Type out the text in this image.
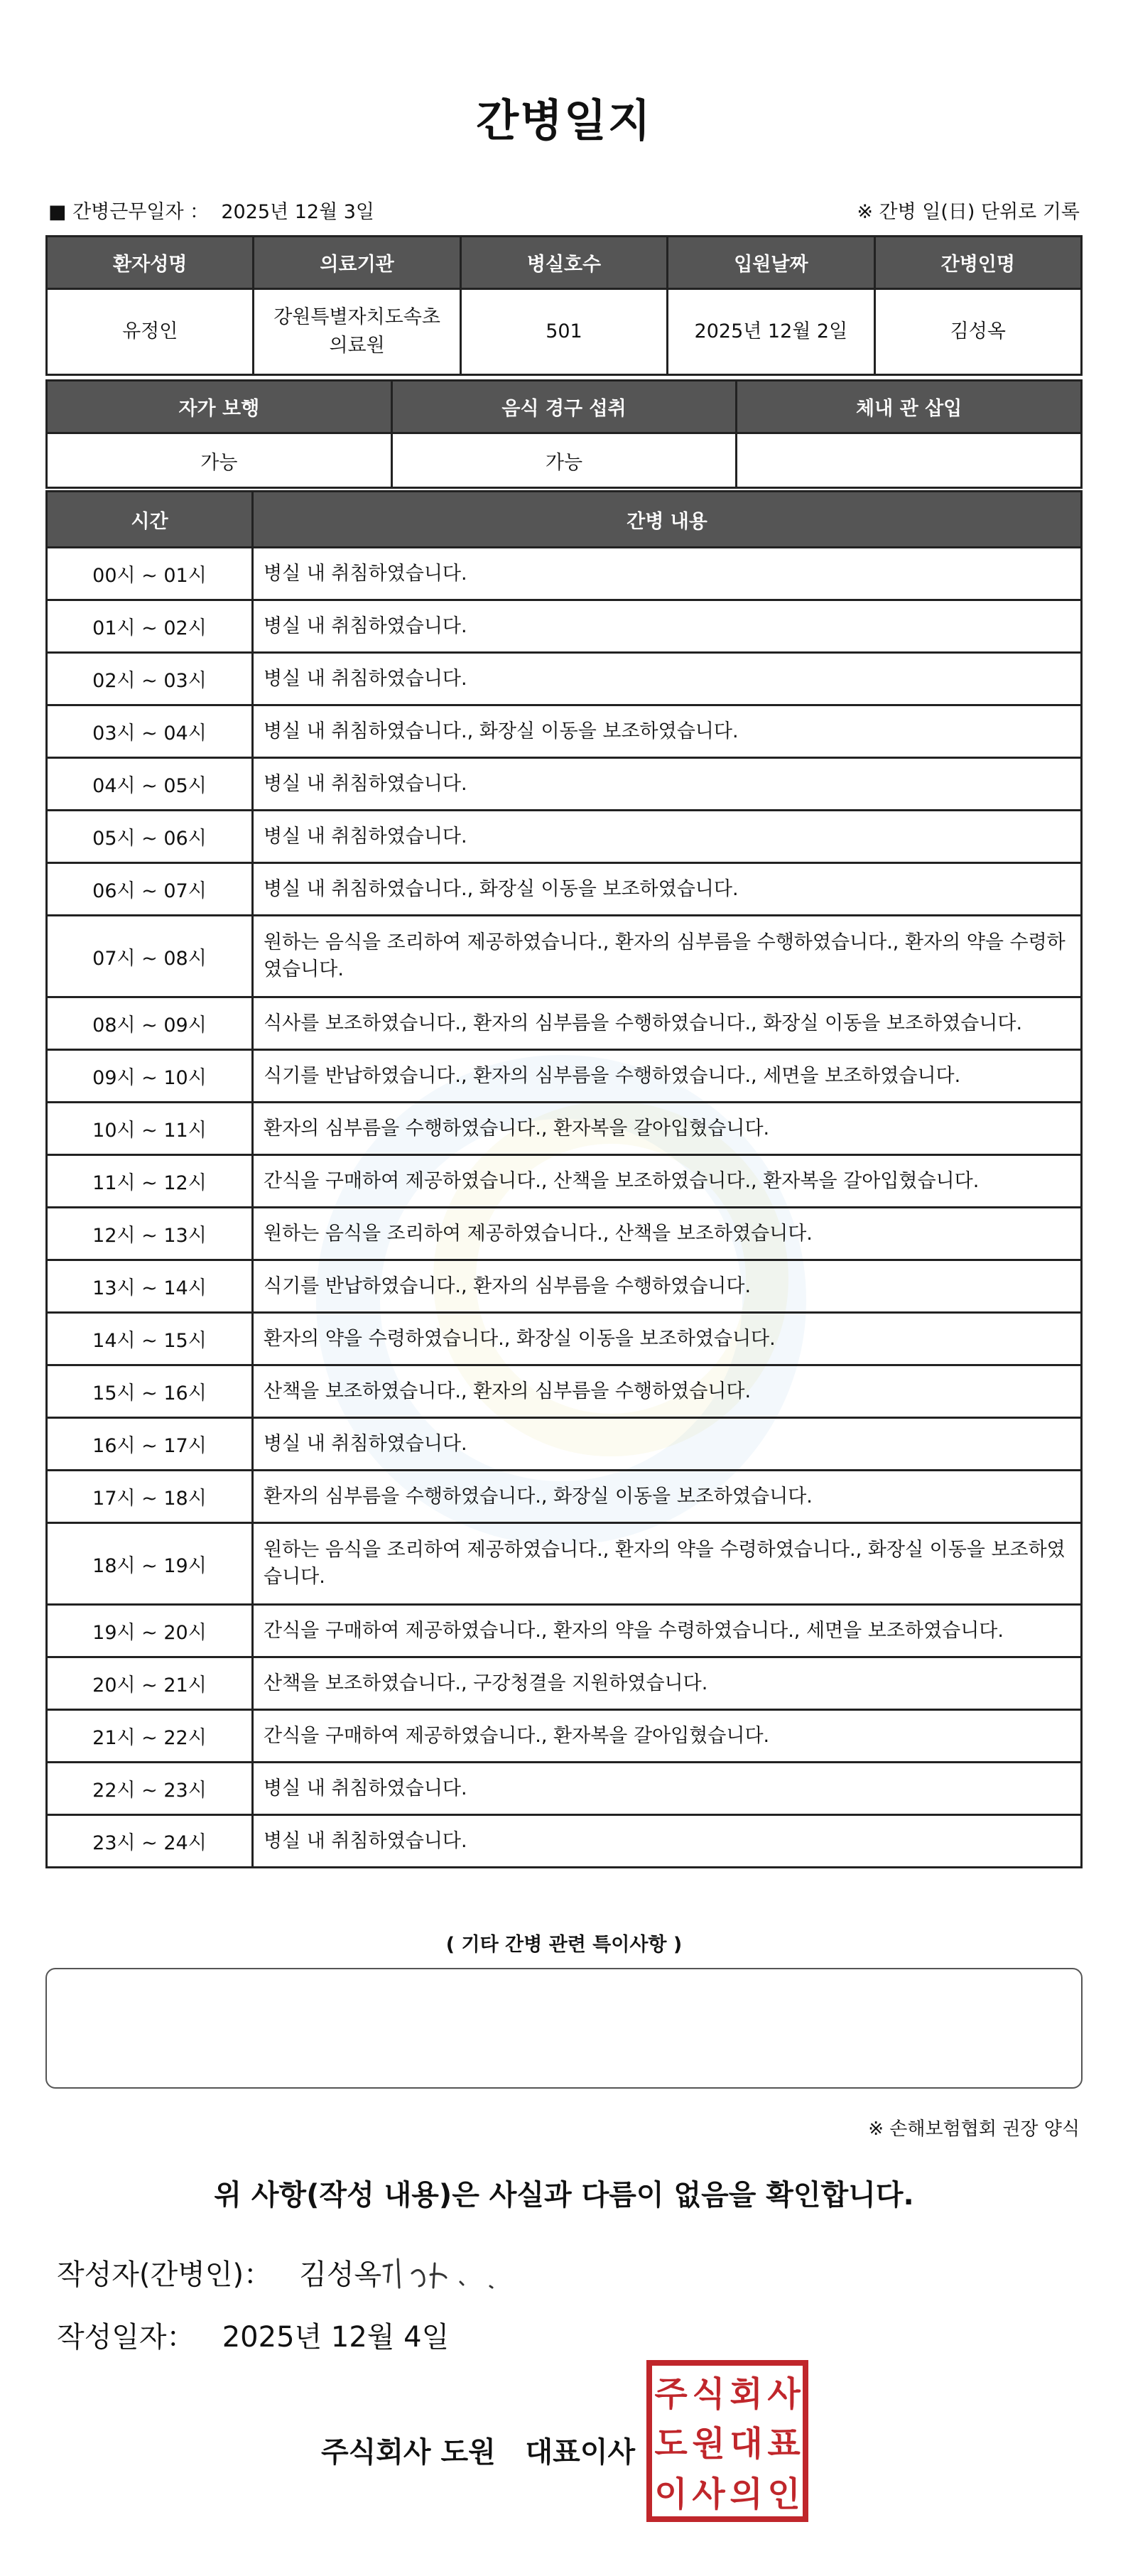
간병일지
■ 간병근무일자 ： 2025년 12월 3일	※ 간병 일(日) 단위로 기록
환자성명	의료기관	병실호수	입원날짜	간병인명
유정인	강원특별자치도속초의료원	501	2025년 12월 2일	김성옥
자가 보행	음식 경구 섭취	체내 관 삽입
가능	가능	
시간	간병 내용
00시 ~ 01시	병실 내 취침하였습니다.
01시 ~ 02시	병실 내 취침하였습니다.
02시 ~ 03시	병실 내 취침하였습니다.
03시 ~ 04시	병실 내 취침하였습니다., 화장실 이동을 보조하였습니다.
04시 ~ 05시	병실 내 취침하였습니다.
05시 ~ 06시	병실 내 취침하였습니다.
06시 ~ 07시	병실 내 취침하였습니다., 화장실 이동을 보조하였습니다.
07시 ~ 08시	원하는 음식을 조리하여 제공하였습니다., 환자의 심부름을 수행하였습니다., 환자의 약을 수령하였습니다.
08시 ~ 09시	식사를 보조하였습니다., 환자의 심부름을 수행하였습니다., 화장실 이동을 보조하였습니다.
09시 ~ 10시	식기를 반납하였습니다., 환자의 심부름을 수행하였습니다., 세면을 보조하였습니다.
10시 ~ 11시	환자의 심부름을 수행하였습니다., 환자복을 갈아입혔습니다.
11시 ~ 12시	간식을 구매하여 제공하였습니다., 산책을 보조하였습니다., 환자복을 갈아입혔습니다.
12시 ~ 13시	원하는 음식을 조리하여 제공하였습니다., 산책을 보조하였습니다.
13시 ~ 14시	식기를 반납하였습니다., 환자의 심부름을 수행하였습니다.
14시 ~ 15시	환자의 약을 수령하였습니다., 화장실 이동을 보조하였습니다.
15시 ~ 16시	산책을 보조하였습니다., 환자의 심부름을 수행하였습니다.
16시 ~ 17시	병실 내 취침하였습니다.
17시 ~ 18시	환자의 심부름을 수행하였습니다., 화장실 이동을 보조하였습니다.
18시 ~ 19시	원하는 음식을 조리하여 제공하였습니다., 환자의 약을 수령하였습니다., 화장실 이동을 보조하였습니다.
19시 ~ 20시	간식을 구매하여 제공하였습니다., 환자의 약을 수령하였습니다., 세면을 보조하였습니다.
20시 ~ 21시	산책을 보조하였습니다., 구강청결을 지원하였습니다.
21시 ~ 22시	간식을 구매하여 제공하였습니다., 환자복을 갈아입혔습니다.
22시 ~ 23시	병실 내 취침하였습니다.
23시 ~ 24시	병실 내 취침하였습니다.
( 기타 간병 관련 특이사항 )
※ 손해보험협회 권장 양식
위 사항(작성 내용)은 사실과 다름이 없음을 확인합니다.
작성자(간병인)： 김성옥
작성일자： 2025년 12월 4일
주식회사 도원   대표이사
주 식 회 사
도 원 대 표
이 사 의 인
